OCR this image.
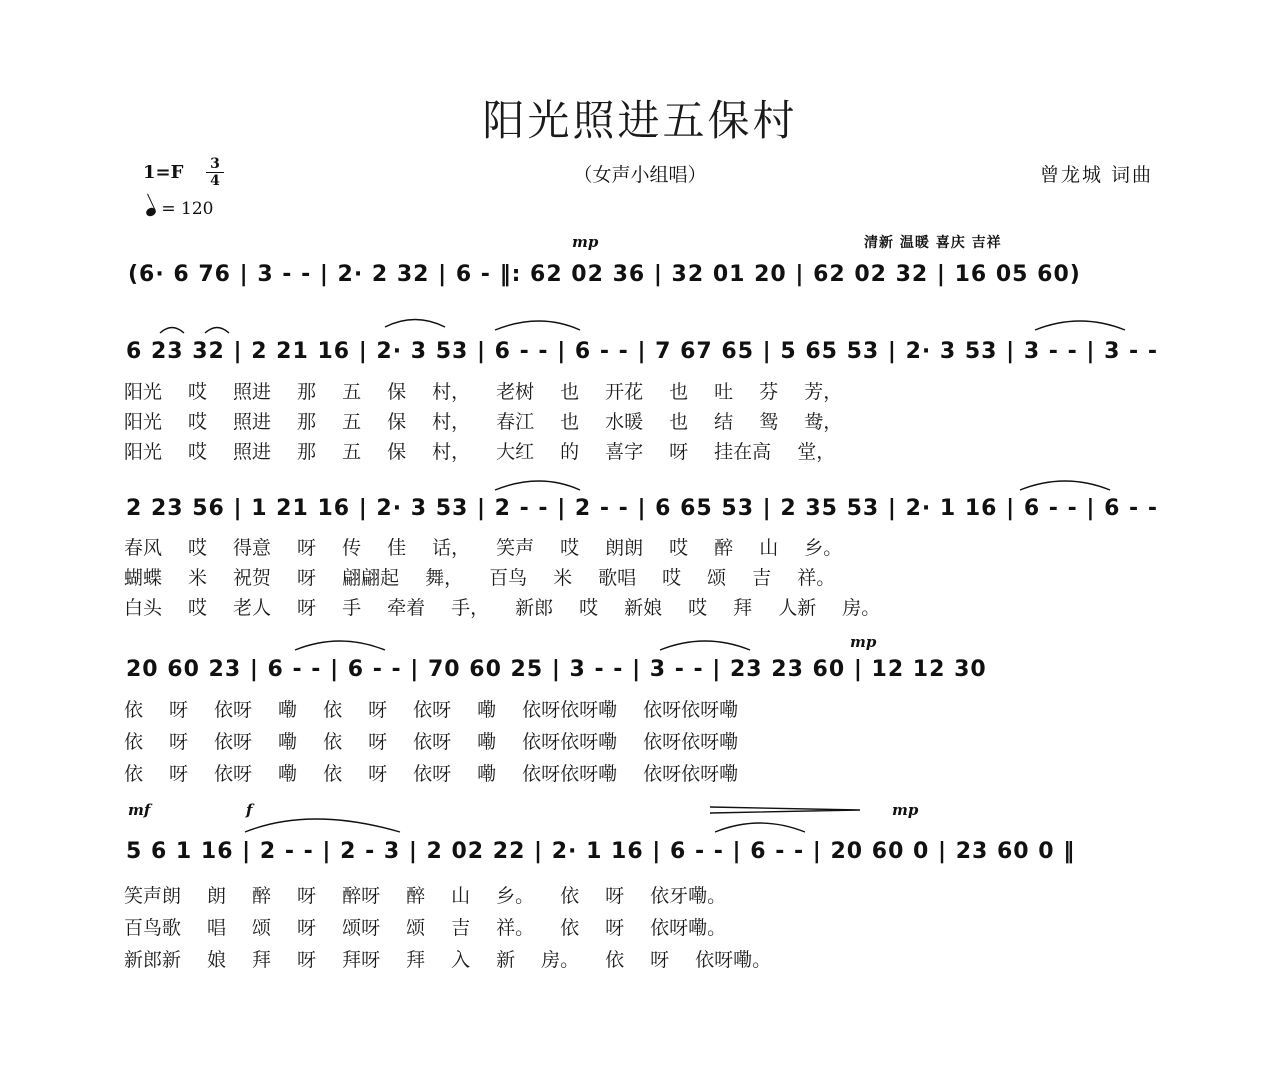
阳光照进五保村
1=F 3
4
= 120
（女声小组唱）	曾龙城 词曲
mp	清新 温暖 喜庆 吉祥
mp
mf	f	mp
(6· 6 76 | 3 - - | 2· 2 32 | 6 - ‖: 62 02 36 | 32 01 20 | 62 02 32 | 16 05 60)
6 23 32 | 2 21 16 | 2· 3 53 | 6 - - | 6 - - | 7 67 65 | 5 65 53 | 2· 3 53 | 3 - - | 3 - -
阳光 哎 照进 那 五 保 村， 老树 也 开花 也 吐 芬 芳，
阳光 哎 照进 那 五 保 村， 春江 也 水暖 也 结 鸳 鸯，
阳光 哎 照进 那 五 保 村， 大红 的 喜字 呀 挂在高 堂，
2 23 56 | 1 21 16 | 2· 3 53 | 2 - - | 2 - - | 6 65 53 | 2 35 53 | 2· 1 16 | 6 - - | 6 - -
春风 哎 得意 呀 传 佳 话， 笑声 哎 朗朗 哎 醉 山 乡。
蝴蝶 米 祝贺 呀 翩翩起 舞， 百鸟 米 歌唱 哎 颂 吉 祥。
白头 哎 老人 呀 手 牵着 手， 新郎 哎 新娘 哎 拜 人新 房。
20 60 23 | 6 - - | 6 - - | 70 60 25 | 3 - - | 3 - - | 23 23 60 | 12 12 30
依 呀 依呀 嘞 依 呀 依呀 嘞 依呀依呀嘞 依呀依呀嘞
依 呀 依呀 嘞 依 呀 依呀 嘞 依呀依呀嘞 依呀依呀嘞
依 呀 依呀 嘞 依 呀 依呀 嘞 依呀依呀嘞 依呀依呀嘞
5 6 1 16 | 2 - - | 2 - 3 | 2 02 22 | 2· 1 16 | 6 - - | 6 - - | 20 60 0 | 23 60 0 ‖
笑声朗 朗 醉 呀 醉呀 醉 山 乡。 依 呀 依牙嘞。
百鸟歌 唱 颂 呀 颂呀 颂 吉 祥。 依 呀 依呀嘞。
新郎新 娘 拜 呀 拜呀 拜 入 新 房。 依 呀 依呀嘞。
